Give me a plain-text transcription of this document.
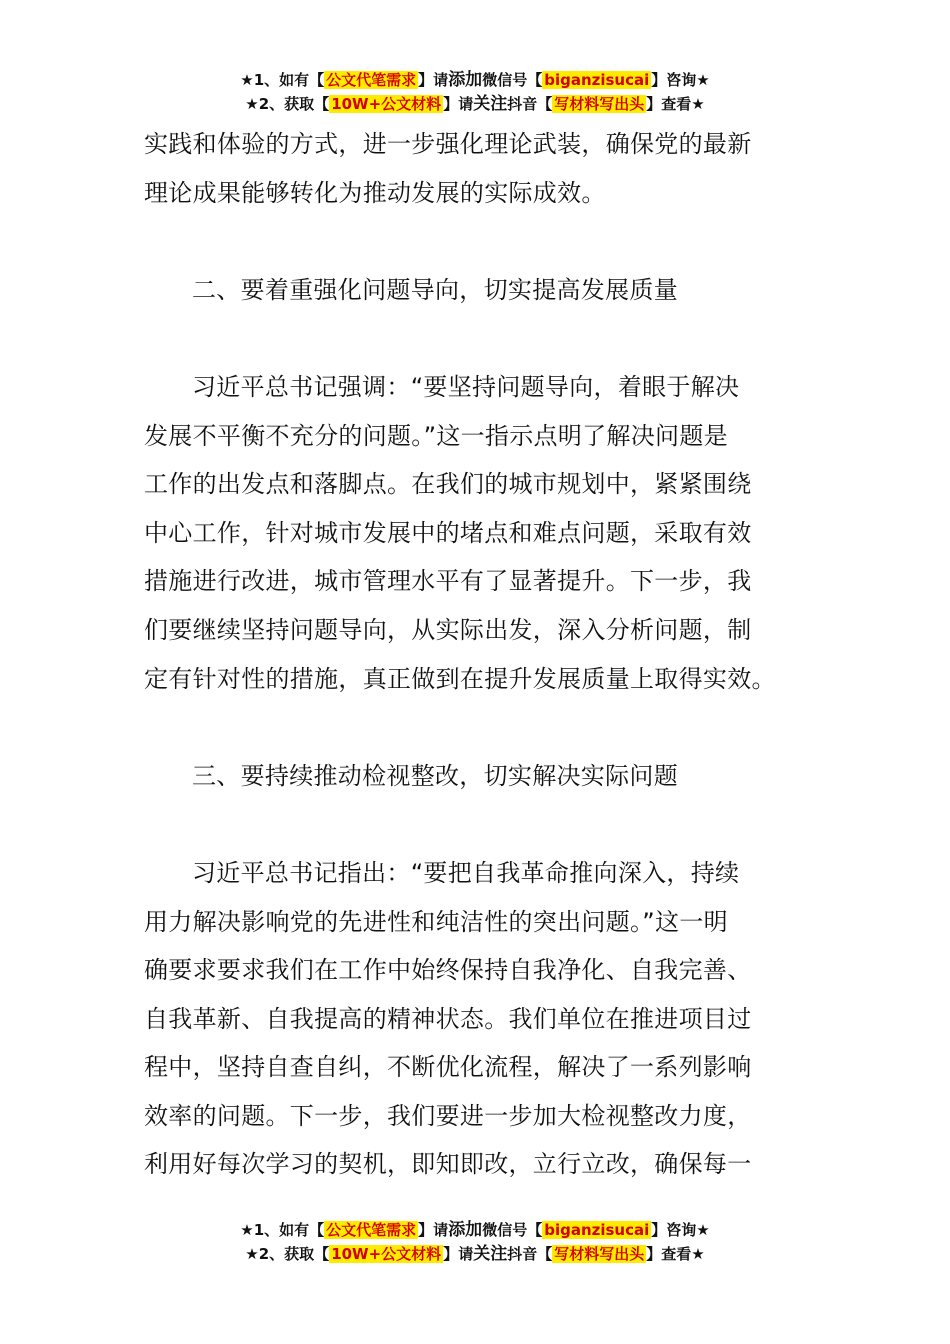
★1、如有【 公文代笔需求 】请添加微信号【 biganzisucai 】咨询★
★2、获取【 10W+公文材料 】请关注抖音【 写材料写出头 】查看★
实践和体验的方式，进一步强化理论武装，确保党的最新
理论成果能够转化为推动发展的实际成效。
二、要着重强化问题导向，切实提高发展质量
习近平总书记强调：“要坚持问题导向，着眼于解决
发展不平衡不充分的问题。”这一指示点明了解决问题是
工作的出发点和落脚点。在我们的城市规划中，紧紧围绕
中心工作，针对城市发展中的堵点和难点问题，采取有效
措施进行改进，城市管理水平有了显著提升。下一步，我
们要继续坚持问题导向，从实际出发，深入分析问题，制
定有针对性的措施，真正做到在提升发展质量上取得实效。
三、要持续推动检视整改，切实解决实际问题
习近平总书记指出：“要把自我革命推向深入，持续
用力解决影响党的先进性和纯洁性的突出问题。”这一明
确要求要求我们在工作中始终保持自我净化、自我完善、
自我革新、自我提高的精神状态。我们单位在推进项目过
程中，坚持自查自纠，不断优化流程，解决了一系列影响
效率的问题。下一步，我们要进一步加大检视整改力度，
利用好每次学习的契机，即知即改，立行立改，确保每一
★1、如有【 公文代笔需求 】请添加微信号【 biganzisucai 】咨询★
★2、获取【 10W+公文材料 】请关注抖音【 写材料写出头 】查看★
